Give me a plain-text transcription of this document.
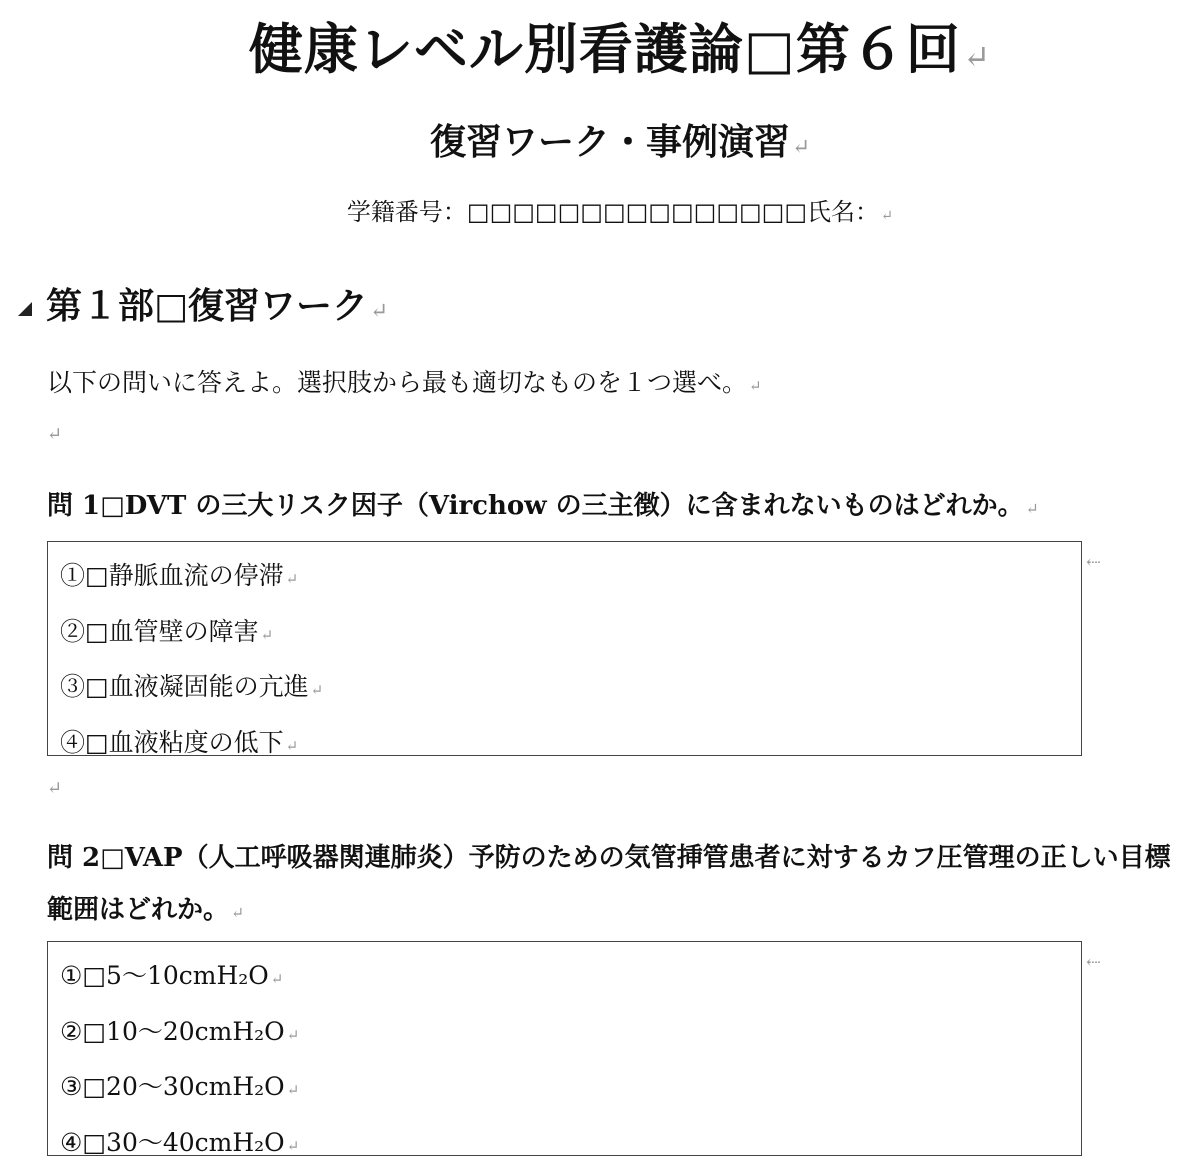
健康レベル別看護論□第６回↵
復習ワーク・事例演習↵
学籍番号：□□□□□□□□□□□□□□□氏名： ↵
第１部□復習ワーク↵
以下の問いに答えよ。選択肢から最も適切なものを１つ選べ。 ↵
↵
問 1□DVT の三大リスク因子（Virchow の三主徴）に含まれないものはどれか。 ↵
①□静脈血流の停滞 ↵
②□血管壁の障害 ↵
③□血液凝固能の亢進 ↵
④□血液粘度の低下 ↵
⇠
↵
問 2□VAP（人工呼吸器関連肺炎）予防のための気管挿管患者に対するカフ圧管理の正しい目標範囲はどれか。 ↵
①□5～10cmH₂O ↵
②□10～20cmH₂O ↵
③□20～30cmH₂O ↵
④□30～40cmH₂O ↵
⇠
